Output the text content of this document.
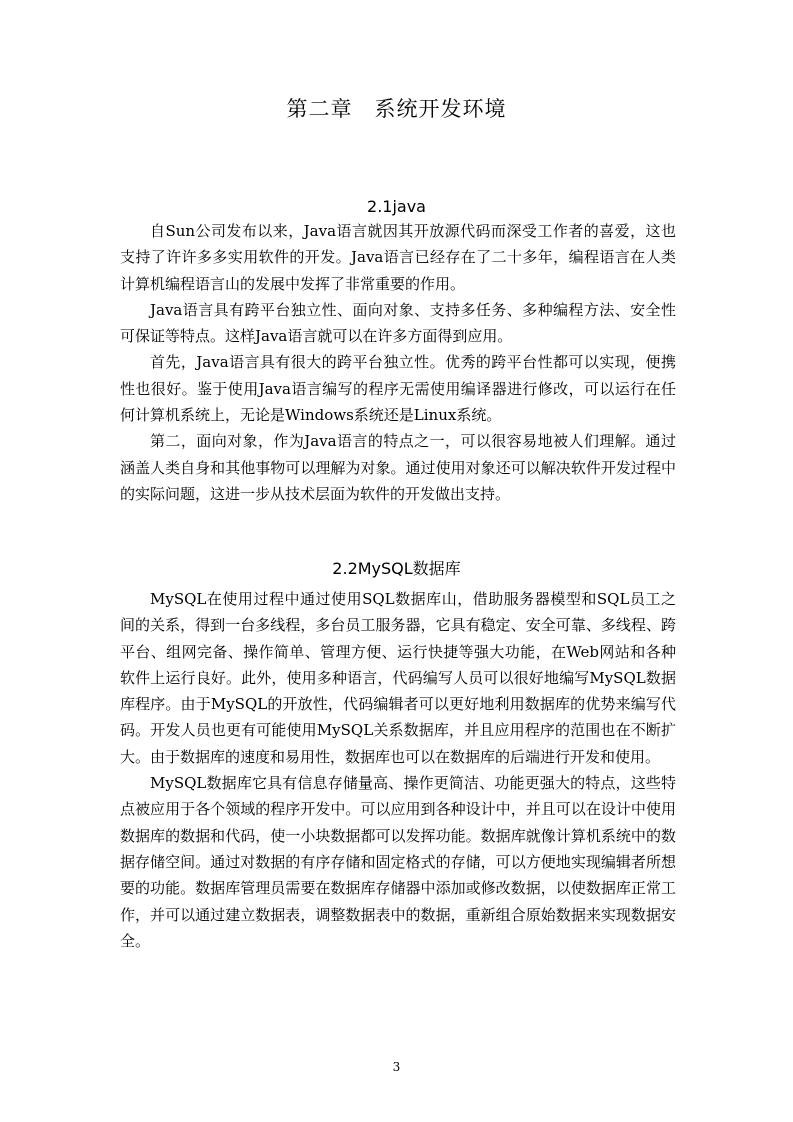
第二章　系统开发环境
2.1java

自Sun公司发布以来，Java语言就因其开放源代码而深受工作者的喜爱，这也支持了许许多多实用软件的开发。Java语言已经存在了二十多年，编程语言在人类计算机编程语言山的发展中发挥了非常重要的作用。

Java语言具有跨平台独立性、面向对象、支持多任务、多种编程方法、安全性可保证等特点。这样Java语言就可以在许多方面得到应用。

首先，Java语言具有很大的跨平台独立性。优秀的跨平台性都可以实现，便携性也很好。鉴于使用Java语言编写的程序无需使用编译器进行修改，可以运行在任何计算机系统上，无论是Windows系统还是Linux系统。

第二，面向对象，作为Java语言的特点之一，可以很容易地被人们理解。通过涵盖人类自身和其他事物可以理解为对象。通过使用对象还可以解决软件开发过程中的实际问题，这进一步从技术层面为软件的开发做出支持。

2.2MySQL数据库

MySQL在使用过程中通过使用SQL数据库山，借助服务器模型和SQL员工之间的关系，得到一台多线程，多台员工服务器，它具有稳定、安全可靠、多线程、跨平台、组网完备、操作简单、管理方便、运行快捷等强大功能，在Web网站和各种软件上运行良好。此外，使用多种语言，代码编写人员可以很好地编写MySQL数据库程序。由于MySQL的开放性，代码编辑者可以更好地利用数据库的优势来编写代码。开发人员也更有可能使用MySQL关系数据库，并且应用程序的范围也在不断扩大。由于数据库的速度和易用性，数据库也可以在数据库的后端进行开发和使用。

MySQL数据库它具有信息存储量高、操作更简洁、功能更强大的特点，这些特点被应用于各个领域的程序开发中。可以应用到各种设计中，并且可以在设计中使用数据库的数据和代码，使一小块数据都可以发挥功能。数据库就像计算机系统中的数据存储空间。通过对数据的有序存储和固定格式的存储，可以方便地实现编辑者所想要的功能。数据库管理员需要在数据库存储器中添加或修改数据，以使数据库正常工作，并可以通过建立数据表，调整数据表中的数据，重新组合原始数据来实现数据安全。

3
